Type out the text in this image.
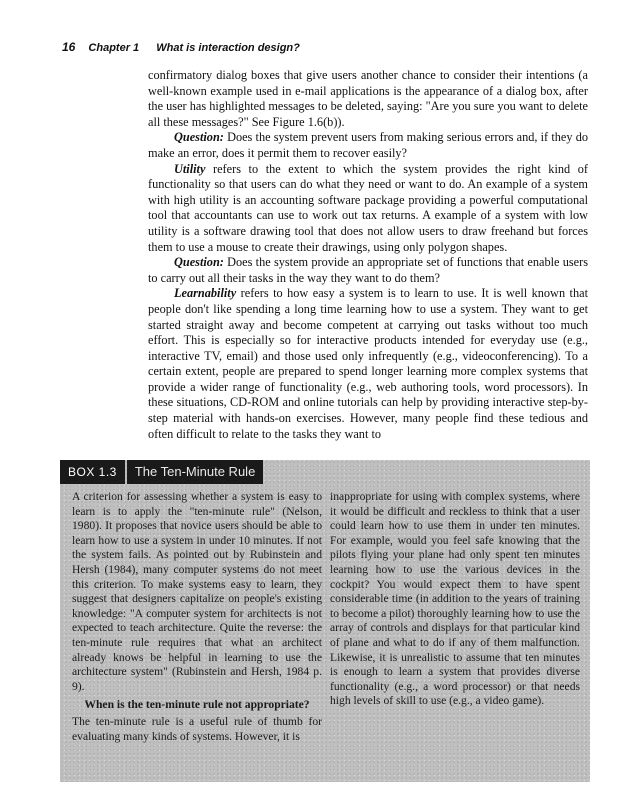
16 Chapter 1 What is interaction design?

confirmatory dialog boxes that give users another chance to consider their intentions (a well-known example used in e-mail applications is the appearance of a dialog box, after the user has highlighted messages to be deleted, saying: "Are you sure you want to delete all these messages?" See Figure 1.6(b)).

Question: Does the system prevent users from making serious errors and, if they do make an error, does it permit them to recover easily?

Utility refers to the extent to which the system provides the right kind of functionality so that users can do what they need or want to do. An example of a system with high utility is an accounting software package providing a powerful computational tool that accountants can use to work out tax returns. A example of a system with low utility is a software drawing tool that does not allow users to draw freehand but forces them to use a mouse to create their drawings, using only polygon shapes.

Question: Does the system provide an appropriate set of functions that enable users to carry out all their tasks in the way they want to do them?

Learnability refers to how easy a system is to learn to use. It is well known that people don't like spending a long time learning how to use a system. They want to get started straight away and become competent at carrying out tasks without too much effort. This is especially so for interactive products intended for everyday use (e.g., interactive TV, email) and those used only infrequently (e.g., videoconferencing). To a certain extent, people are prepared to spend longer learning more complex systems that provide a wider range of functionality (e.g., web authoring tools, word processors). In these situations, CD-ROM and online tutorials can help by providing interactive step-by-step material with hands-on exercises. However, many people find these tedious and often difficult to relate to the tasks they want to

BOX 1.3	The Ten-Minute Rule

A criterion for assessing whether a system is easy to learn is to apply the "ten-minute rule" (Nelson, 1980). It proposes that novice users should be able to learn how to use a system in under 10 minutes. If not the system fails. As pointed out by Rubinstein and Hersh (1984), many computer systems do not meet this criterion. To make systems easy to learn, they suggest that designers capitalize on people's existing knowledge: "A computer system for architects is not expected to teach architecture. Quite the reverse: the ten-minute rule requires that what an architect already knows be helpful in learning to use the architecture system" (Rubinstein and Hersh, 1984 p. 9).

When is the ten-minute rule not appropriate?

The ten-minute rule is a useful rule of thumb for evaluating many kinds of systems. However, it is

inappropriate for using with complex systems, where it would be difficult and reckless to think that a user could learn how to use them in under ten minutes. For example, would you feel safe knowing that the pilots flying your plane had only spent ten minutes learning how to use the various devices in the cockpit? You would expect them to have spent considerable time (in addition to the years of training to become a pilot) thoroughly learning how to use the array of controls and displays for that particular kind of plane and what to do if any of them malfunction. Likewise, it is unrealistic to assume that ten minutes is enough to learn a system that provides diverse functionality (e.g., a word processor) or that needs high levels of skill to use (e.g., a video game).
